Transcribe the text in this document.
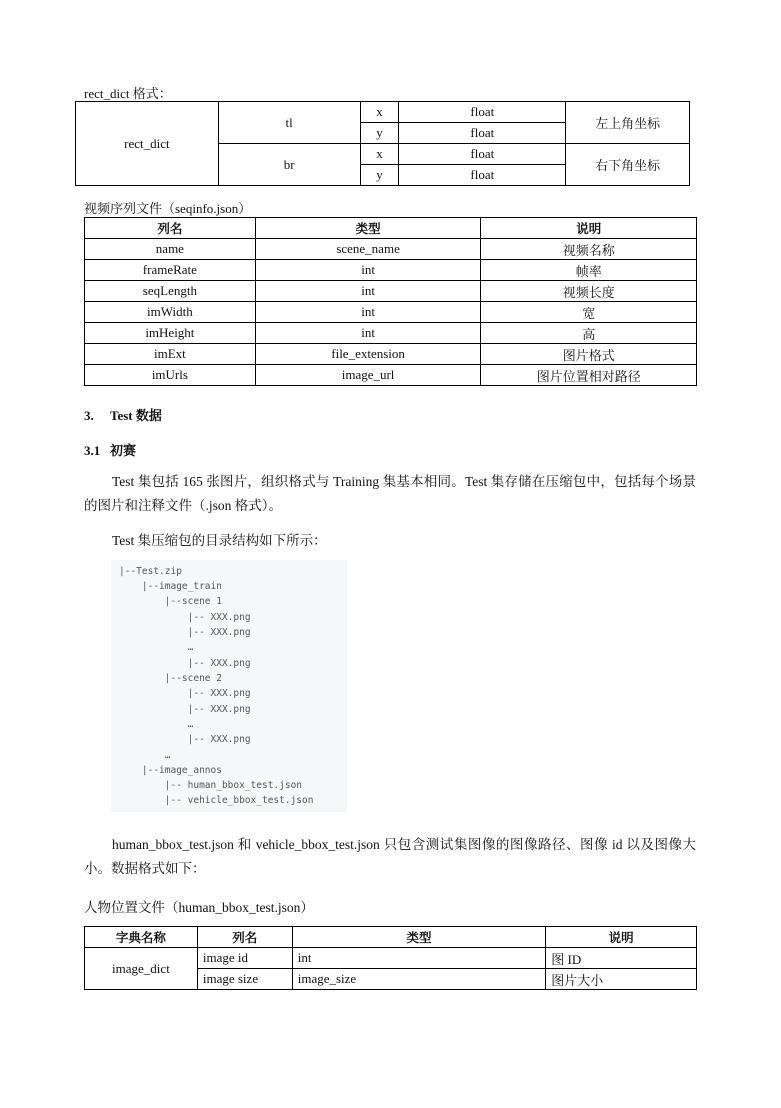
rect_dict 格式：
rect_dict	tl	x	float	左上角坐标
		y	float	
	br	x	float	右下角坐标
		y	float	
视频序列文件（seqinfo.json）
列名	类型	说明
name	scene_name	视频名称
frameRate	int	帧率
seqLength	int	视频长度
imWidth	int	宽
imHeight	int	高
imExt	file_extension	图片格式
imUrls	image_url	图片位置相对路径
3. Test 数据
3.1 初赛
Test 集包括 165 张图片，组织格式与 Training 集基本相同。Test 集存储在压缩包中，包括每个场景的图片和注释文件（.json 格式）。
Test 集压缩包的目录结构如下所示：
|--Test.zip
|--image_train
|--scene 1
|-- XXX.png
|-- XXX.png
…
|-- XXX.png
|--scene 2
|-- XXX.png
|-- XXX.png
…
|-- XXX.png
…
|--image_annos
|-- human_bbox_test.json
|-- vehicle_bbox_test.json
human_bbox_test.json 和 vehicle_bbox_test.json 只包含测试集图像的图像路径、图像 id 以及图像大小。数据格式如下：
人物位置文件（human_bbox_test.json）
字典名称	列名	类型	说明
image_dict	image id	int	图 ID
	image size	image_size	图片大小
